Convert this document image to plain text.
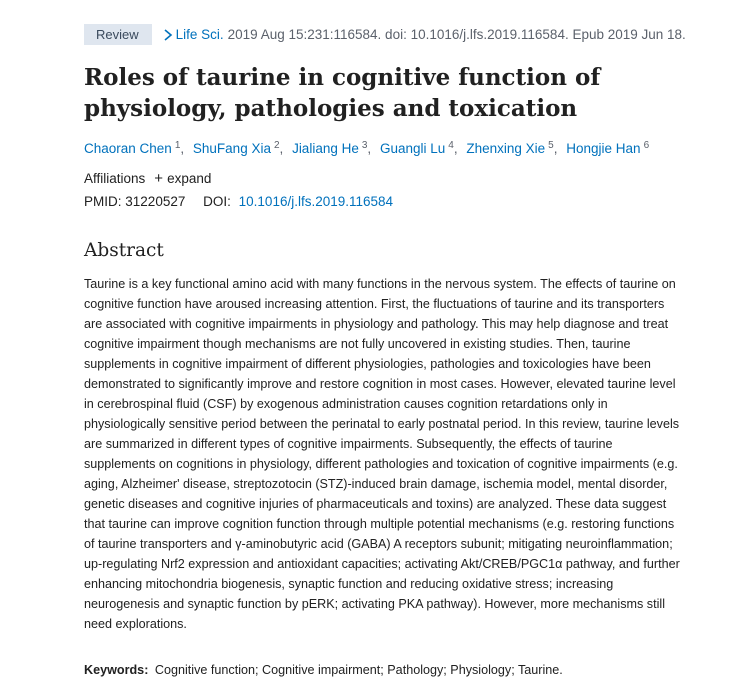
Review	Life Sci. 2019 Aug 15:231:116584. doi: 10.1016/j.lfs.2019.116584. Epub 2019 Jun 18.
Roles of taurine in cognitive function of physiology, pathologies and toxication
Chaoran Chen $^1$, ShuFang Xia $^2$, Jialiang He $^3$, Guangli Lu $^4$, Zhenxing Xie $^5$, Hongjie Han $^6$
Affiliations + expand
PMID: 31220527 DOI: 10.1016/j.lfs.2019.116584
Abstract

Taurine is a key functional amino acid with many functions in the nervous system. The effects of taurine on cognitive function have aroused increasing attention. First, the fluctuations of taurine and its transporters are associated with cognitive impairments in physiology and pathology. This may help diagnose and treat cognitive impairment though mechanisms are not fully uncovered in existing studies. Then, taurine supplements in cognitive impairment of different physiologies, pathologies and toxicologies have been demonstrated to significantly improve and restore cognition in most cases. However, elevated taurine level in cerebrospinal fluid (CSF) by exogenous administration causes cognition retardations only in physiologically sensitive period between the perinatal to early postnatal period. In this review, taurine levels are summarized in different types of cognitive impairments. Subsequently, the effects of taurine supplements on cognitions in physiology, different pathologies and toxication of cognitive impairments (e.g. aging, Alzheimer' disease, streptozotocin (STZ)-induced brain damage, ischemia model, mental disorder, genetic diseases and cognitive injuries of pharmaceuticals and toxins) are analyzed. These data suggest that taurine can improve cognition function through multiple potential mechanisms (e.g. restoring functions of taurine transporters and γ-aminobutyric acid (GABA) A receptors subunit; mitigating neuroinflammation; up-regulating Nrf2 expression and antioxidant capacities; activating Akt/CREB/PGC1α pathway, and further enhancing mitochondria biogenesis, synaptic function and reducing oxidative stress; increasing neurogenesis and synaptic function by pERK; activating PKA pathway). However, more mechanisms still need explorations.

Keywords: Cognitive function; Cognitive impairment; Pathology; Physiology; Taurine.
